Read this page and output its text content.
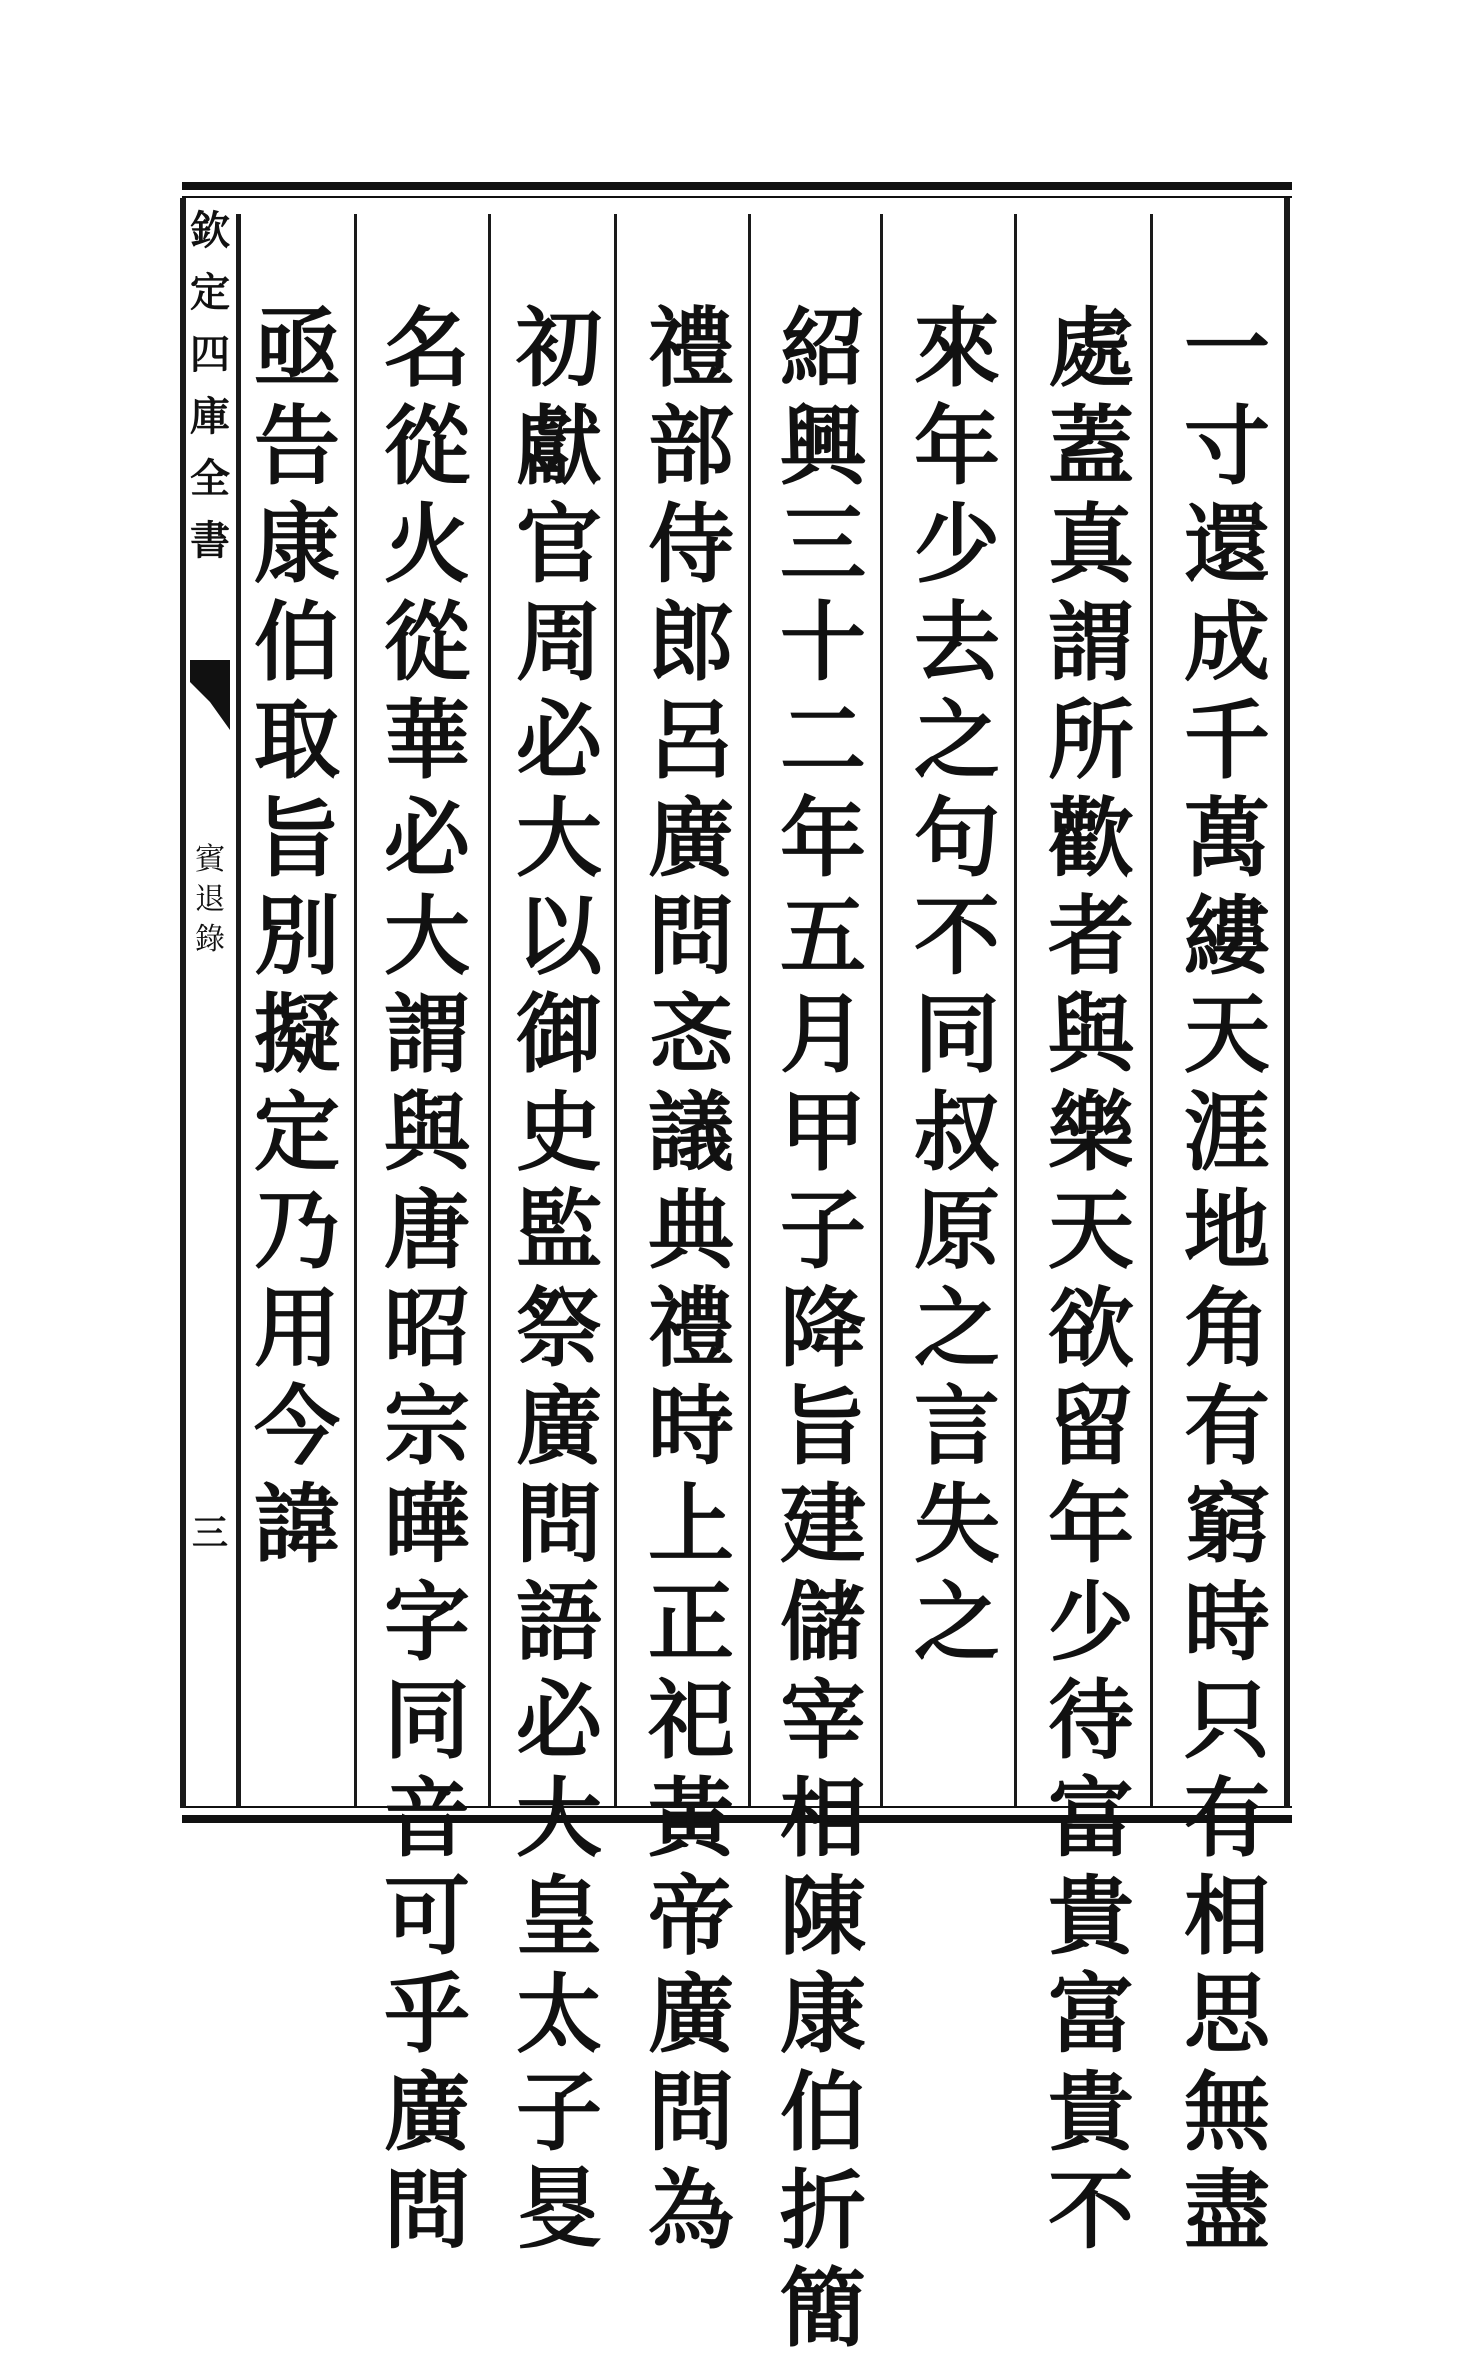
欽
定
四
庫
全
書
賓
退
錄
三
一
寸
還
成
千
萬
縷
天
涯
地
角
有
窮
時
只
有
相
思
無
盡
處
蓋
真
謂
所
歡
者
與
樂
天
欲
留
年
少
待
富
貴
富
貴
不
來
年
少
去
之
句
不
同
叔
原
之
言
失
之
紹
興
三
十
二
年
五
月
甲
子
降
旨
建
儲
宰
相
陳
康
伯
折
簡
禮
部
侍
郎
呂
廣
問
忞
議
典
禮
時
上
正
祀
黃
帝
廣
問
為
初
獻
官
周
必
大
以
御
史
監
祭
廣
問
語
必
大
皇
太
子
𠭁
名
從
火
從
華
必
大
謂
與
唐
昭
宗
曄
字
同
音
可
乎
廣
問
亟
告
康
伯
取
旨
別
擬
定
乃
用
今
諱
